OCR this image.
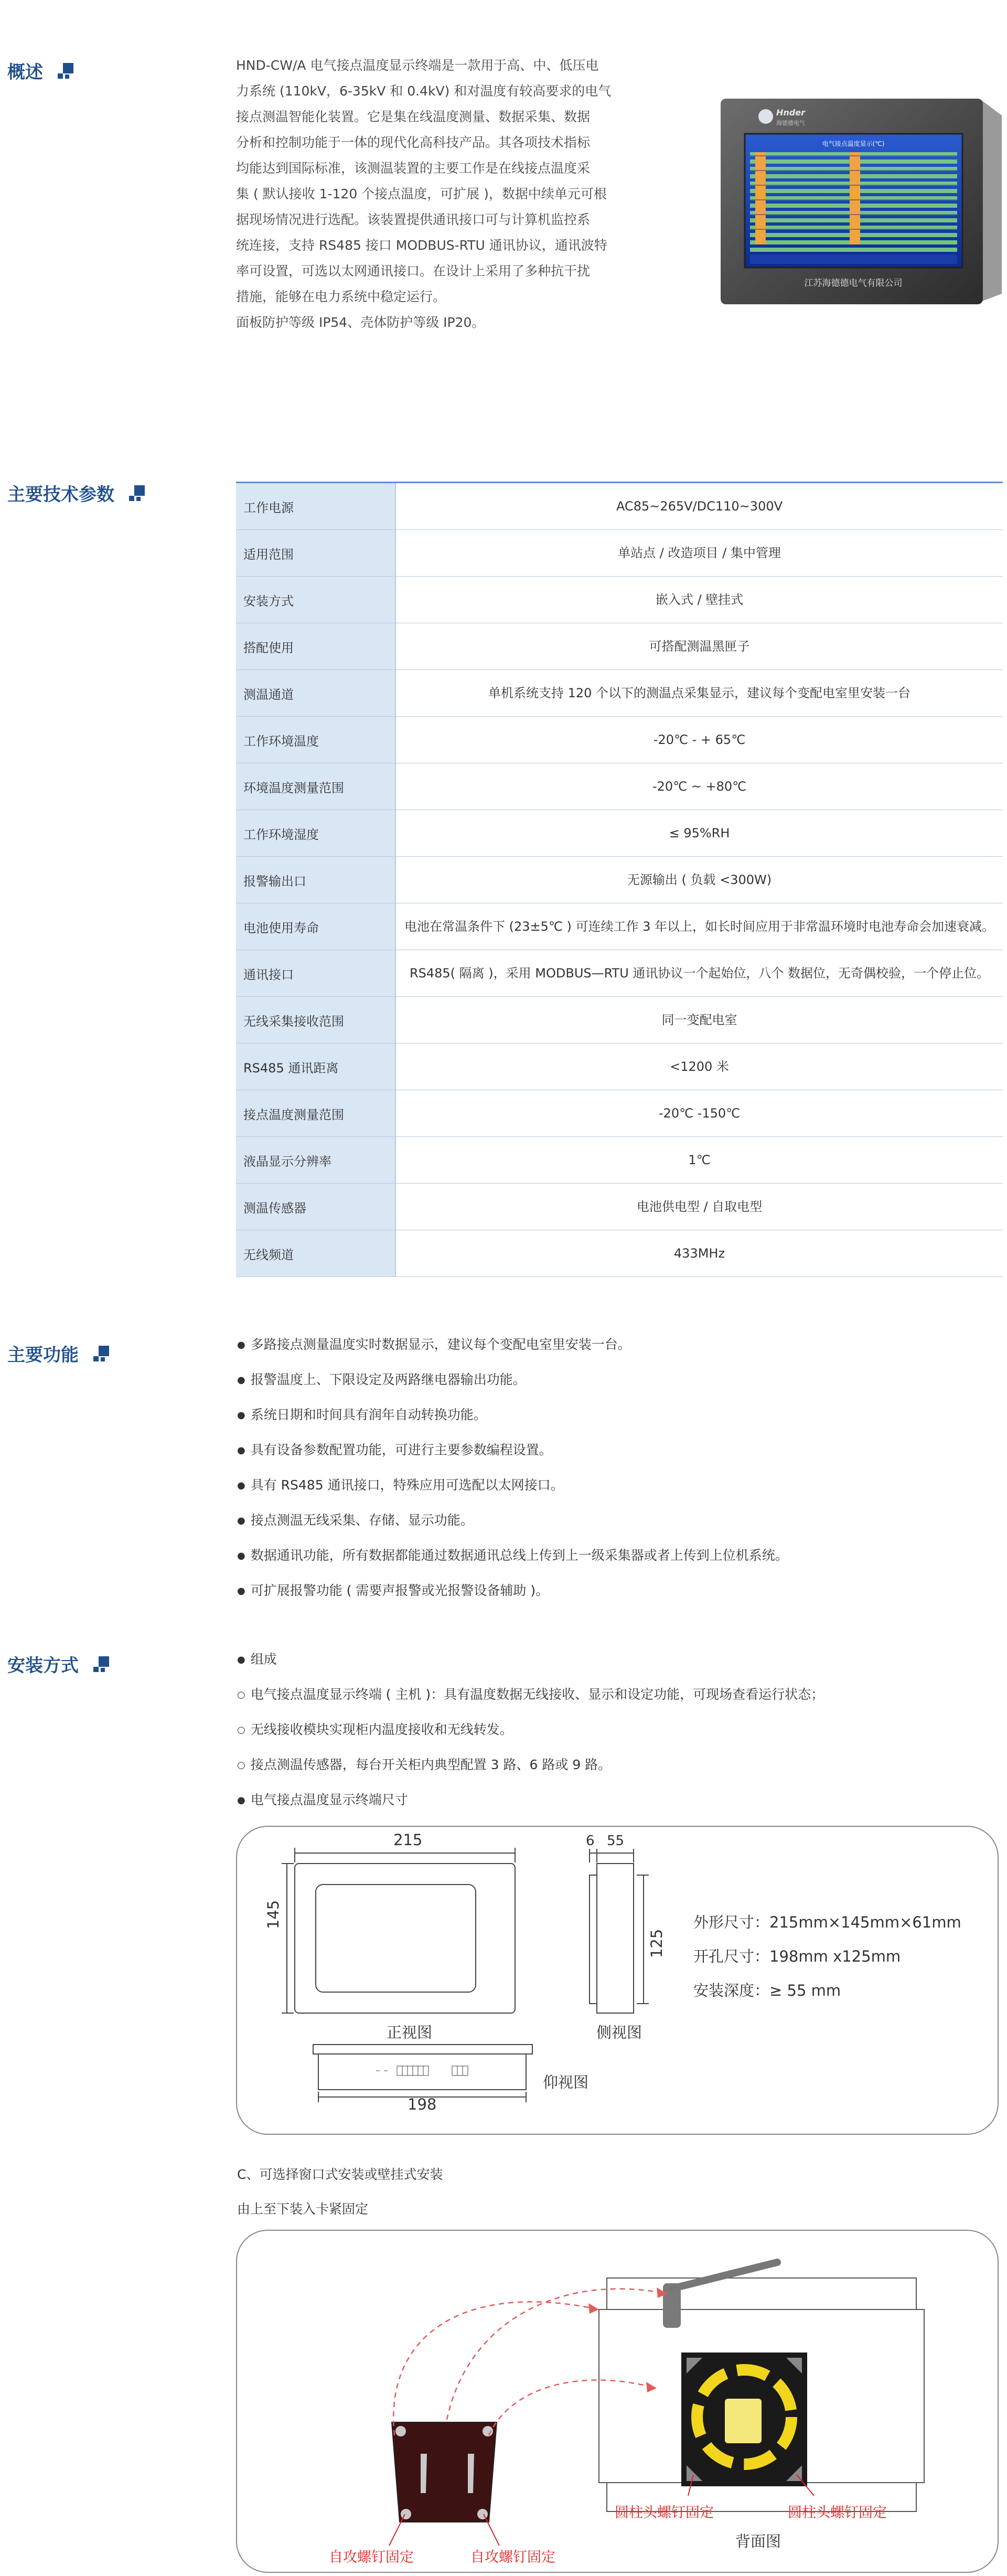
概述	HND-CW/A 电气接点温度显示终端是一款用于高、中、低压电

力系统 (110kV，6-35kV 和 0.4kV) 和对温度有较高要求的电气

接点测温智能化装置。它是集在线温度测量、数据采集、数据

分析和控制功能于一体的现代化高科技产品。其各项技术指标

均能达到国际标准，该测温装置的主要工作是在线接点温度采

集 ( 默认接收 1-120 个接点温度，可扩展 )，数据中续单元可根

据现场情况进行选配。该装置提供通讯接口可与计算机监控系

统连接，支持 RS485 接口 MODBUS-RTU 通讯协议，通讯波特

率可设置，可选以太网通讯接口。在设计上采用了多种抗干扰

措施，能够在电力系统中稳定运行。

面板防护等级 IP54、壳体防护等级 IP20。

Hnder
海德德电气
电气接点温度显示(℃)
江苏海德德电气有限公司
主要技术参数
工作电源	AC85~265V/DC110~300V
适用范围	单站点 / 改造项目 / 集中管理
安装方式	嵌入式 / 壁挂式
搭配使用	可搭配测温黑匣子
测温通道	单机系统支持 120 个以下的测温点采集显示，建议每个变配电室里安装一台
工作环境温度	-20℃ - + 65℃
环境温度测量范围	-20℃ ~ +80℃
工作环境湿度	≤ 95%RH
报警输出口	无源输出 ( 负载 <300W)
电池使用寿命	电池在常温条件下 (23±5℃ ) 可连续工作 3 年以上，如长时间应用于非常温环境时电池寿命会加速衰减。
通讯接口	RS485( 隔离 )，采用 MODBUS—RTU 通讯协议一个起始位，八个 数据位，无奇偶校验，一个停止位。
无线采集接收范围	同一变配电室
RS485 通讯距离	<1200 米
接点温度测量范围	-20℃ -150℃
液晶显示分辨率	1℃
测温传感器	电池供电型 / 自取电型
无线频道	433MHz
主要功能
● 多路接点测量温度实时数据显示，建议每个变配电室里安装一台。
● 报警温度上、下限设定及两路继电器输出功能。
● 系统日期和时间具有润年自动转换功能。
● 具有设备参数配置功能，可进行主要参数编程设置。
● 具有 RS485 通讯接口，特殊应用可选配以太网接口。
● 接点测温无线采集、存储、显示功能。
● 数据通讯功能，所有数据都能通过数据通讯总线上传到上一级采集器或者上传到上位机系统。
● 可扩展报警功能 ( 需要声报警或光报警设备辅助 )。
安装方式	● 组成
○ 电气接点温度显示终端 ( 主机 )：具有温度数据无线接收、显示和设定功能，可现场查看运行状态；
○ 无线接收模块实现柜内温度接收和无线转发。
○ 接点测温传感器，每台开关柜内典型配置 3 路、6 路或 9 路。
● 电气接点温度显示终端尺寸
215
145
6 55
125
198
正视图	侧视图
仰视图
外形尺寸：215mm×145mm×61mm
开孔尺寸：198mm x125mm
安装深度：≥ 55 mm
C、可选择窗口式安装或壁挂式安装
由上至下装入卡紧固定
圆柱头螺钉固定	圆柱头螺钉固定
背面图
自攻螺钉固定	自攻螺钉固定
